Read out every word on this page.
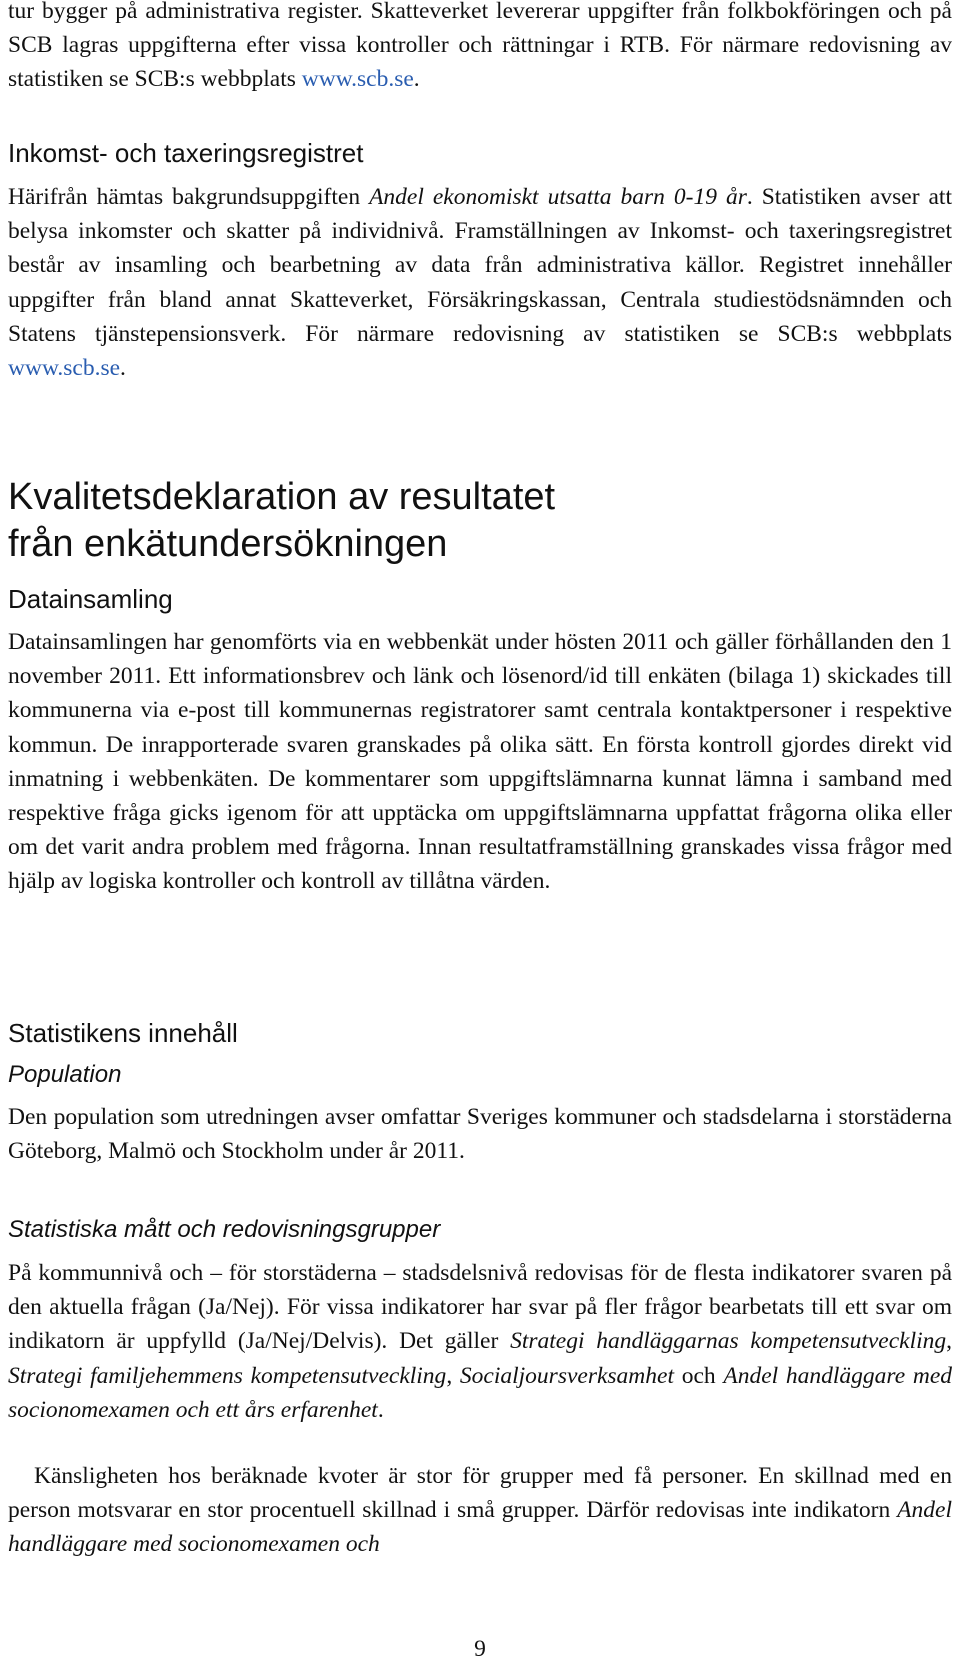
tur bygger på administrativa register. Skatteverket levererar uppgifter från folkbokföringen och på SCB lagras uppgifterna efter vissa kontroller och rättningar i RTB. För närmare redovisning av statistiken se SCB:s webbplats www.scb.se.

Inkomst- och taxeringsregistret

Härifrån hämtas bakgrundsuppgiften Andel ekonomiskt utsatta barn 0-19 år. Statistiken avser att belysa inkomster och skatter på individnivå. Framställningen av Inkomst- och taxeringsregistret består av insamling och bearbetning av data från administrativa källor. Registret innehåller uppgifter från bland annat Skatteverket, Försäkringskassan, Centrala studiestödsnämnden och Statens tjänstepensionsverk. För närmare redovisning av statistiken se SCB:s webbplats www.scb.se.

Kvalitetsdeklaration av resultatet
från enkätundersökningen
Datainsamling

Datainsamlingen har genomförts via en webbenkät under hösten 2011 och gäller förhållanden den 1 november 2011. Ett informationsbrev och länk och lösenord/id till enkäten (bilaga 1) skickades till kommunerna via e-post till kommunernas registratorer samt centrala kontaktpersoner i respektive kommun. De inrapporterade svaren granskades på olika sätt. En första kontroll gjordes direkt vid inmatning i webbenkäten. De kommentarer som uppgiftslämnarna kunnat lämna i samband med respektive fråga gicks igenom för att upptäcka om uppgiftslämnarna uppfattat frågorna olika eller om det varit andra problem med frågorna. Innan resultatframställning granskades vissa frågor med hjälp av logiska kontroller och kontroll av tillåtna värden.

Statistikens innehåll
Population

Den population som utredningen avser omfattar Sveriges kommuner och stadsdelarna i storstäderna Göteborg, Malmö och Stockholm under år 2011.

Statistiska mått och redovisningsgrupper

På kommunnivå och – för storstäderna – stadsdelsnivå redovisas för de flesta indikatorer svaren på den aktuella frågan (Ja/Nej). För vissa indikatorer har svar på fler frågor bearbetats till ett svar om indikatorn är uppfylld (Ja/Nej/Delvis). Det gäller Strategi handläggarnas kompetensutveckling, Strategi familjehemmens kompetensutveckling, Socialjoursverksamhet och Andel handläggare med socionomexamen och ett års erfarenhet.

Känsligheten hos beräknade kvoter är stor för grupper med få personer. En skillnad med en person motsvarar en stor procentuell skillnad i små grupper. Därför redovisas inte indikatorn Andel handläggare med socionomexamen och

9
